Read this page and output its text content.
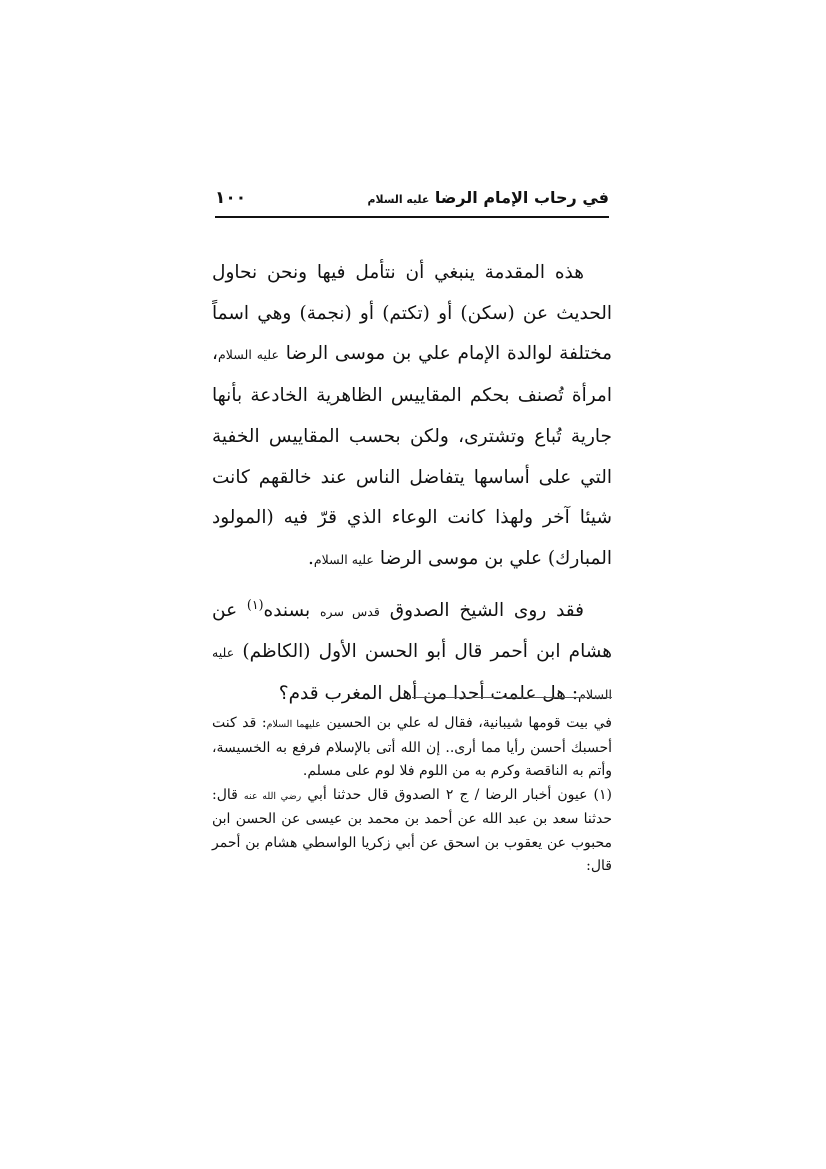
في رحاب الإمام الرضا عليه السلام
١٠٠

هذه المقدمة ينبغي أن نتأمل فيها ونحن نحاول الحديث عن (سكن) أو (تكتم) أو (نجمة) وهي اسماً مختلفة لوالدة الإمام علي بن موسى الرضا عليه السلام، امرأة تُصنف بحكم المقاييس الظاهرية الخادعة بأنها جارية تُباع وتشترى، ولكن بحسب المقاييس الخفية التي على أساسها يتفاضل الناس عند خالقهم كانت شيئا آخر ولهذا كانت الوعاء الذي قرّ فيه (المولود المبارك) علي بن موسى الرضا عليه السلام.

فقد روى الشيخ الصدوق قدس سره بسنده$^{(١)}$ عن هشام ابن أحمر قال أبو الحسن الأول (الكاظم) عليه السلام: هل علمت أحدا من أهل المغرب قدم؟

في بيت قومها شيبانية، فقال له علي بن الحسين عليهما السلام: قد كنت أحسبك أحسن رأيا مما أرى.. إن الله أتى بالإسلام فرفع به الخسيسة، وأتم به الناقصة وكرم به من اللوم فلا لوم على مسلم.

(١) عيون أخبار الرضا / ج ٢ الصدوق قال حدثنا أبي رضي الله عنه قال: حدثنا سعد بن عبد الله عن أحمد بن محمد بن عيسى عن الحسن ابن محبوب عن يعقوب بن اسحق عن أبي زكريا الواسطي هشام بن أحمر قال:
